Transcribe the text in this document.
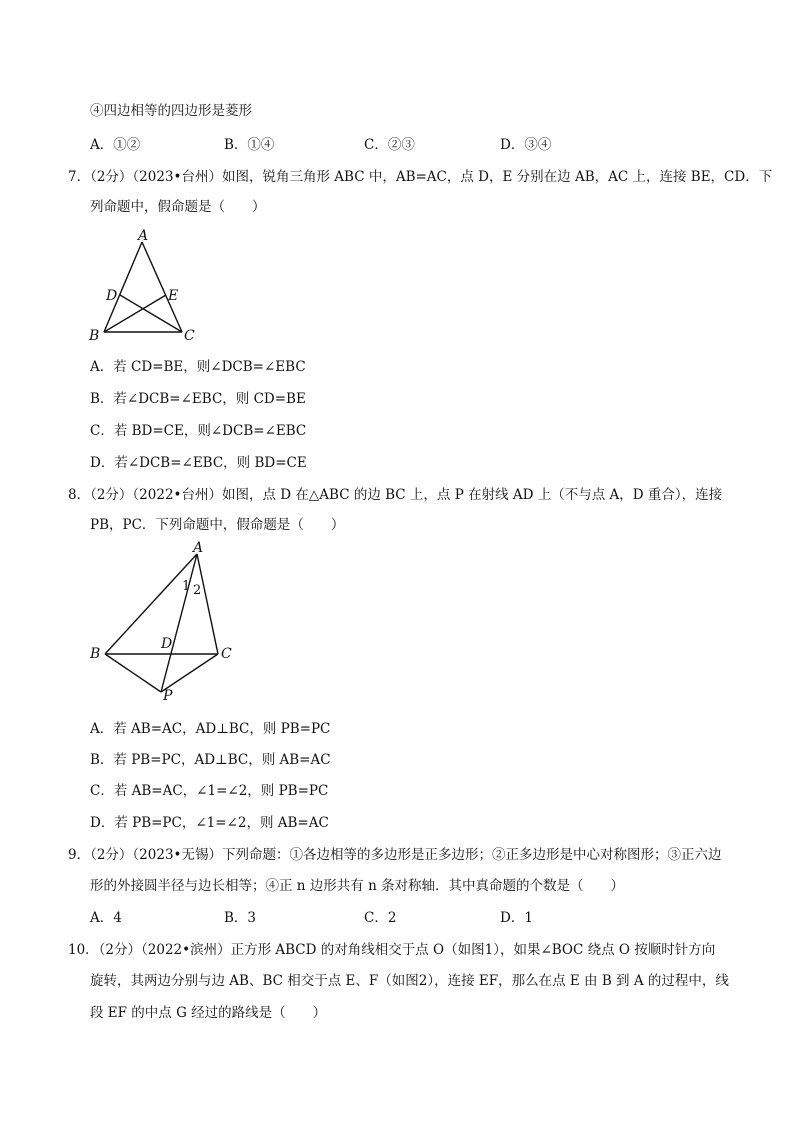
④四边相等的四边形是菱形
A．①②	B．①④	C．②③	D．③④
7．（2分）（2023•台州）如图，锐角三角形 ABC 中，AB=AC，点 D，E 分别在边 AB，AC 上，连接 BE，CD．下
列命题中，假命题是（　　）
A
D	E
B	C
A．若 CD=BE，则∠DCB=∠EBC
B．若∠DCB=∠EBC，则 CD=BE
C．若 BD=CE，则∠DCB=∠EBC
D．若∠DCB=∠EBC，则 BD=CE
8．（2分）（2022•台州）如图，点 D 在△ABC 的边 BC 上，点 P 在射线 AD 上（不与点 A，D 重合），连接
PB，PC．下列命题中，假命题是（　　）
A
1 2
D
B	C
P
A．若 AB=AC，AD⊥BC，则 PB=PC
B．若 PB=PC，AD⊥BC，则 AB=AC
C．若 AB=AC，∠1=∠2，则 PB=PC
D．若 PB=PC，∠1=∠2，则 AB=AC
9．（2分）（2023•无锡）下列命题：①各边相等的多边形是正多边形；②正多边形是中心对称图形；③正六边
形的外接圆半径与边长相等；④正 n 边形共有 n 条对称轴．其中真命题的个数是（　　）
A．4	B．3	C．2	D．1
10．（2分）（2022•滨州）正方形 ABCD 的对角线相交于点 O（如图1），如果∠BOC 绕点 O 按顺时针方向
旋转，其两边分别与边 AB、BC 相交于点 E、F（如图2），连接 EF，那么在点 E 由 B 到 A 的过程中，线
段 EF 的中点 G 经过的路线是（　　）
